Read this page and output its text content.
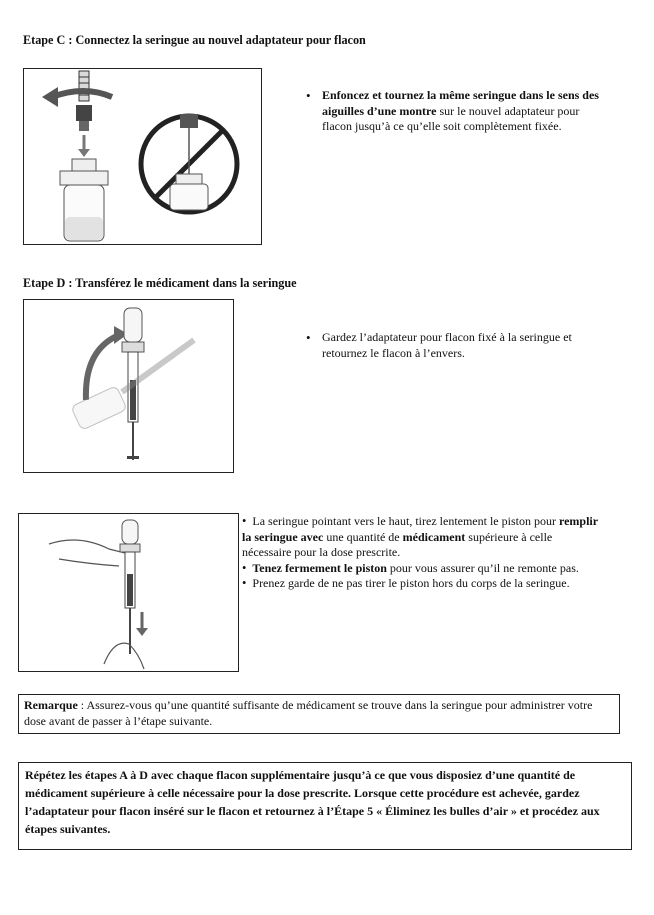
Etape C : Connectez la seringue au nouvel adaptateur pour flacon
• Enfoncez et tournez la même seringue dans le sens des aiguilles d’une montre sur le nouvel adaptateur pour flacon jusqu’à ce qu’elle soit complètement fixée.
Etape D : Transférez le médicament dans la seringue
• Gardez l’adaptateur pour flacon fixé à la seringue et retournez le flacon à l’envers.

• La seringue pointant vers le haut, tirez lentement le piston pour remplir la seringue avec une quantité de médicament supérieure à celle nécessaire pour la dose prescrite.

• Tenez fermement le piston pour vous assurer qu’il ne remonte pas.

• Prenez garde de ne pas tirer le piston hors du corps de la seringue.

Remarque : Assurez-vous qu’une quantité suffisante de médicament se trouve dans la seringue pour administrer votre dose avant de passer à l’étape suivante.
Répétez les étapes A à D avec chaque flacon supplémentaire jusqu’à ce que vous disposiez d’une quantité de médicament supérieure à celle nécessaire pour la dose prescrite. Lorsque cette procédure est achevée, gardez l’adaptateur pour flacon inséré sur le flacon et retournez à l’Étape 5 « Éliminez les bulles d’air » et procédez aux étapes suivantes.
